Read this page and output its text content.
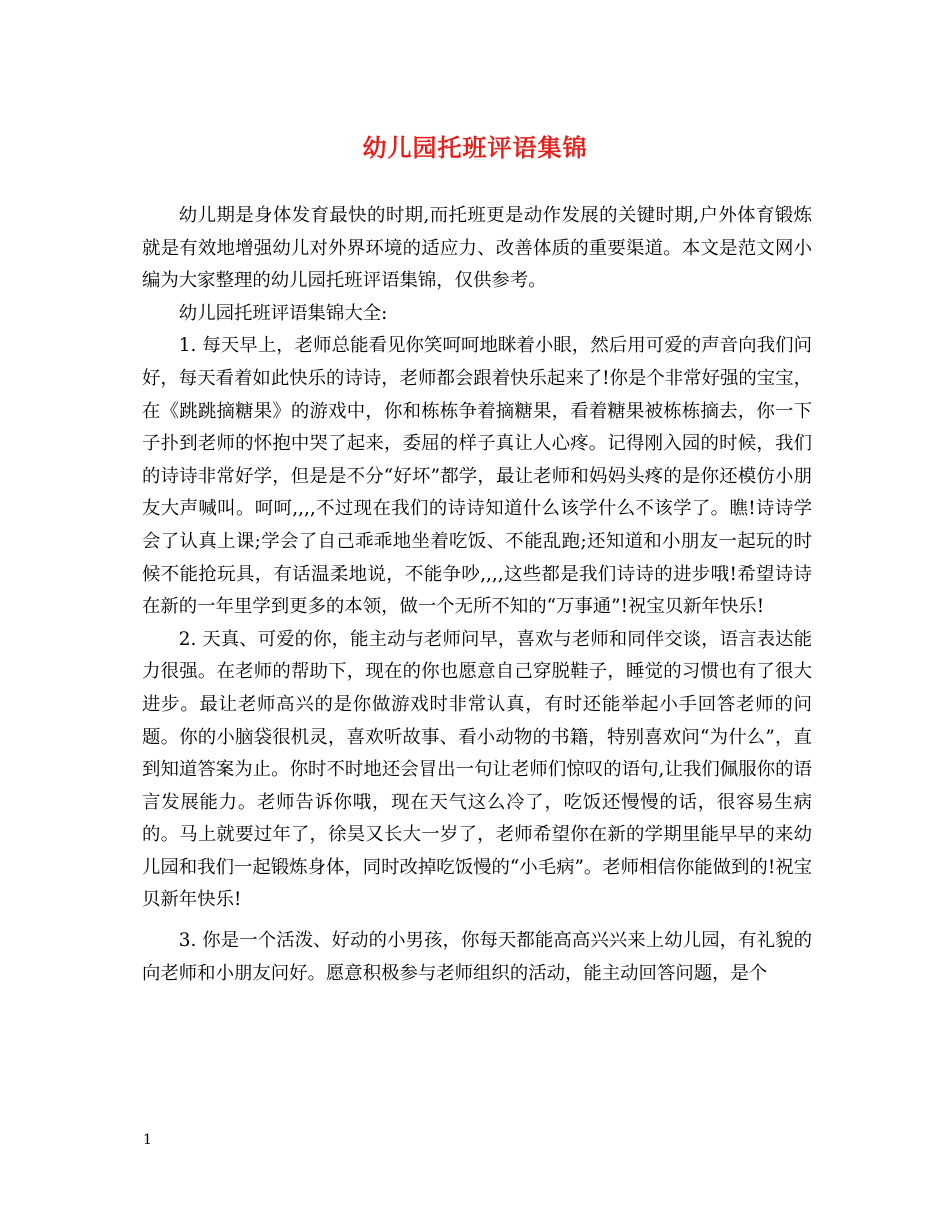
幼儿园托班评语集锦

幼儿期是身体发育最快的时期,而托班更是动作发展的关键时期,户外体育锻炼就是有效地增强幼儿对外界环境的适应力、改善体质的重要渠道。本文是范文网小编为大家整理的幼儿园托班评语集锦，仅供参考。

幼儿园托班评语集锦大全:

1. 每天早上，老师总能看见你笑呵呵地眯着小眼，然后用可爱的声音向我们问好，每天看着如此快乐的诗诗，老师都会跟着快乐起来了!你是个非常好强的宝宝，在《跳跳摘糖果》的游戏中，你和栋栋争着摘糖果，看着糖果被栋栋摘去，你一下子扑到老师的怀抱中哭了起来，委屈的样子真让人心疼。记得刚入园的时候，我们的诗诗非常好学，但是是不分“好坏”都学，最让老师和妈妈头疼的是你还模仿小朋友大声喊叫。呵呵,,,,不过现在我们的诗诗知道什么该学什么不该学了。瞧!诗诗学会了认真上课;学会了自己乖乖地坐着吃饭、不能乱跑;还知道和小朋友一起玩的时候不能抢玩具，有话温柔地说，不能争吵,,,,这些都是我们诗诗的进步哦!希望诗诗在新的一年里学到更多的本领，做一个无所不知的“万事通”!祝宝贝新年快乐!

2. 天真、可爱的你，能主动与老师问早，喜欢与老师和同伴交谈，语言表达能力很强。在老师的帮助下，现在的你也愿意自己穿脱鞋子，睡觉的习惯也有了很大进步。最让老师高兴的是你做游戏时非常认真，有时还能举起小手回答老师的问题。你的小脑袋很机灵，喜欢听故事、看小动物的书籍，特别喜欢问“为什么”，直到知道答案为止。你时不时地还会冒出一句让老师们惊叹的语句,让我们佩服你的语言发展能力。老师告诉你哦，现在天气这么冷了，吃饭还慢慢的话，很容易生病的。马上就要过年了，徐昊又长大一岁了，老师希望你在新的学期里能早早的来幼儿园和我们一起锻炼身体，同时改掉吃饭慢的“小毛病”。老师相信你能做到的!祝宝贝新年快乐!

3. 你是一个活泼、好动的小男孩，你每天都能高高兴兴来上幼儿园，有礼貌的向老师和小朋友问好。愿意积极参与老师组织的活动，能主动回答问题，是个

1
